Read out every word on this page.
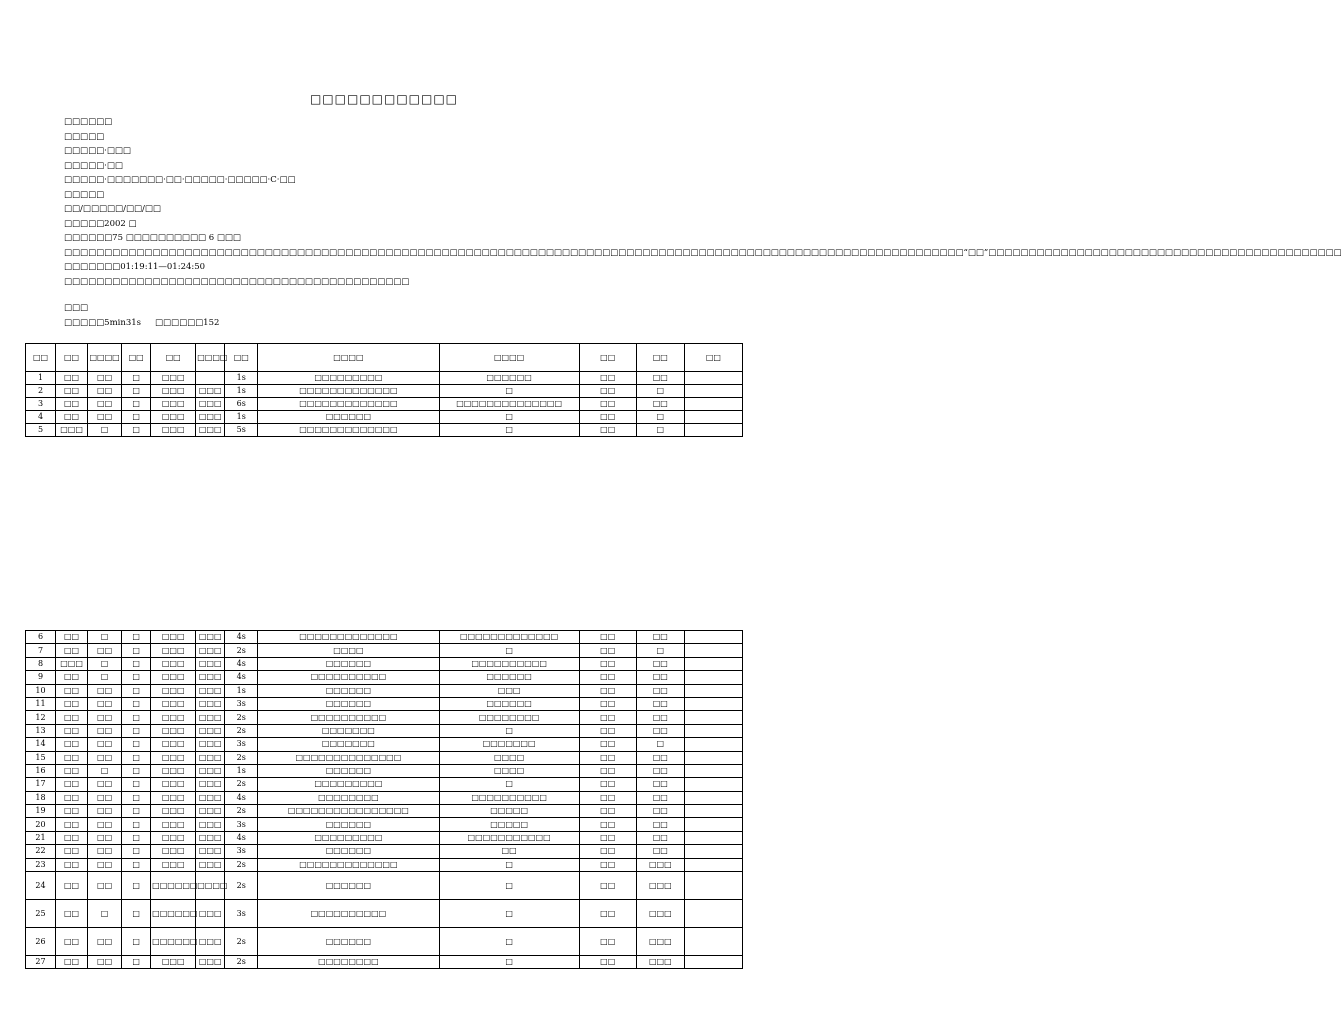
□□□□□□□□□□□□
□□□□□□
□□□□□
□□□□□·□□□
□□□□□·□□
□□□□□·□□□□□□□·□□·□□□□□·□□□□□·C·□□
□□□□□
□□/□□□□□/□□/□□
□□□□□2002 □
□□□□□□75 □□□□□□□□□□ 6 □□□
□□□□□□□□□□□□□□□□□□□□□□□□□□□□□□□□□□□□□□□□□□□□□□□□□□□□□□□□□□□□□□□□□□□□□□□□□□□□□□□□□□□□□□□□□□□□□□□□□□□□□□□□□□□□□□□□“□□”□□□□□□□□□□□□□□□□□□□□□□□□□□□□□□□□□□□□□□□□□□□□
□□□□□□□01:19:11—01:24:50
□□□□□□□□□□□□□□□□□□□□□□□□□□□□□□□□□□□□□□□□□□□
□□□
□□□□□5min31s □□□□□□152
□□	□□	□□□□	□□	□□	□□□□	□□	□□□□	□□□□	□□	□□	□□
1	□□	□□	□	□□□		1s	□□□□□□□□□	□□□□□□	□□	□□	
2	□□	□□	□	□□□	□□□	1s	□□□□□□□□□□□□□	□	□□	□	
3	□□	□□	□	□□□	□□□	6s	□□□□□□□□□□□□□	□□□□□□□□□□□□□□	□□	□□	
4	□□	□□	□	□□□	□□□	1s	□□□□□□	□	□□	□	
5	□□□	□	□	□□□	□□□	5s	□□□□□□□□□□□□□	□	□□	□	
6	□□	□	□	□□□	□□□	4s	□□□□□□□□□□□□□	□□□□□□□□□□□□□	□□	□□	
7	□□	□□	□	□□□	□□□	2s	□□□□	□	□□	□	
8	□□□	□	□	□□□	□□□	4s	□□□□□□	□□□□□□□□□□	□□	□□	
9	□□	□	□	□□□	□□□	4s	□□□□□□□□□□	□□□□□□	□□	□□	
10	□□	□□	□	□□□	□□□	1s	□□□□□□	□□□	□□	□□	
11	□□	□□	□	□□□	□□□	3s	□□□□□□	□□□□□□	□□	□□	
12	□□	□□	□	□□□	□□□	2s	□□□□□□□□□□	□□□□□□□□	□□	□□	
13	□□	□□	□	□□□	□□□	2s	□□□□□□□	□	□□	□□	
14	□□	□□	□	□□□	□□□	3s	□□□□□□□	□□□□□□□	□□	□	
15	□□	□□	□	□□□	□□□	2s	□□□□□□□□□□□□□□	□□□□	□□	□□	
16	□□	□	□	□□□	□□□	1s	□□□□□□	□□□□	□□	□□	
17	□□	□□	□	□□□	□□□	2s	□□□□□□□□□	□	□□	□□	
18	□□	□□	□	□□□	□□□	4s	□□□□□□□□	□□□□□□□□□□	□□	□□	
19	□□	□□	□	□□□	□□□	2s	□□□□□□□□□□□□□□□□	□□□□□	□□	□□	
20	□□	□□	□	□□□	□□□	3s	□□□□□□	□□□□□	□□	□□	
21	□□	□□	□	□□□	□□□	4s	□□□□□□□□□	□□□□□□□□□□□	□□	□□	
22	□□	□□	□	□□□	□□□	3s	□□□□□□	□□	□□	□□	
23	□□	□□	□	□□□	□□□	2s	□□□□□□□□□□□□□	□	□□	□□□	
24	□□	□□	□	□□□□□□	□□□□	2s	□□□□□□	□	□□	□□□	
25	□□	□	□	□□□□□□	□□□	3s	□□□□□□□□□□	□	□□	□□□	
26	□□	□□	□	□□□□□□	□□□	2s	□□□□□□	□	□□	□□□	
27	□□	□□	□	□□□	□□□	2s	□□□□□□□□	□	□□	□□□	
